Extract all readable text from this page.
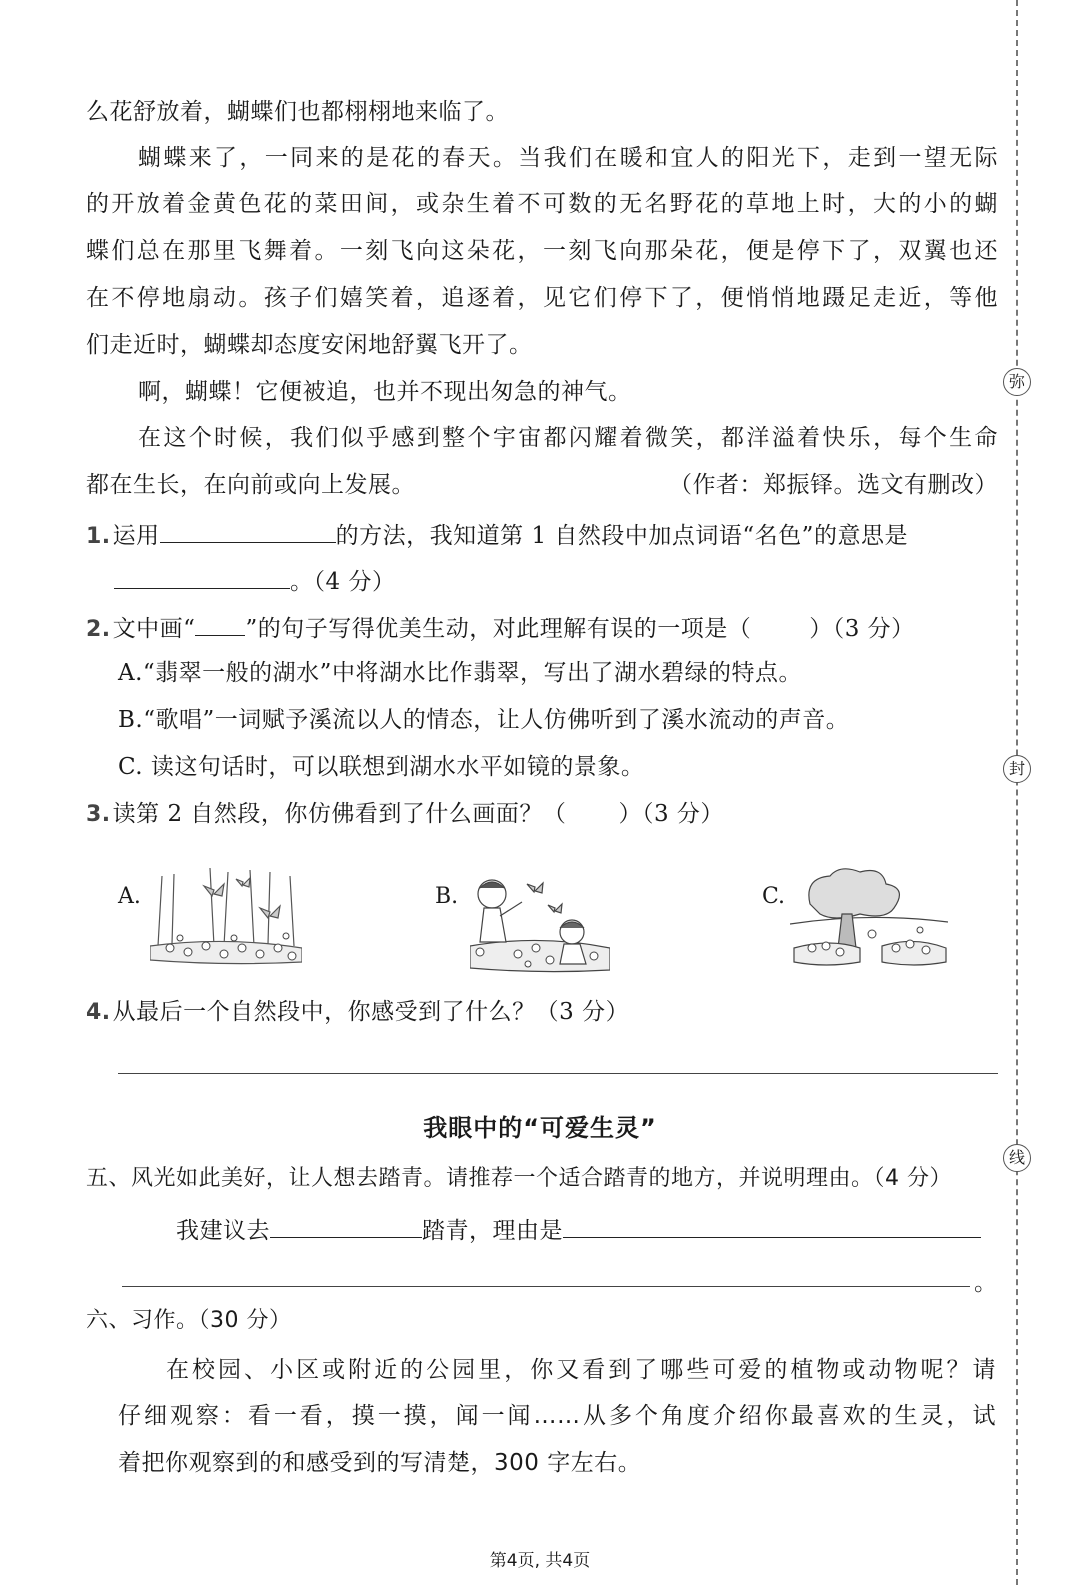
么花舒放着，蝴蝶们也都栩栩地来临了。
蝴蝶来了，一同来的是花的春天。当我们在暖和宜人的阳光下，走到一望无际
的开放着金黄色花的菜田间，或杂生着不可数的无名野花的草地上时，大的小的蝴
蝶们总在那里飞舞着。一刻飞向这朵花，一刻飞向那朵花，便是停下了，双翼也还
在不停地扇动。孩子们嬉笑着，追逐着，见它们停下了，便悄悄地蹑足走近，等他
们走近时，蝴蝶却态度安闲地舒翼飞开了。
啊，蝴蝶！它便被追，也并不现出匆急的神气。
在这个时候，我们似乎感到整个宇宙都闪耀着微笑，都洋溢着快乐，每个生命
都在生长，在向前或向上发展。	（作者：郑振铎。选文有删改）
1.运用	的方法，我知道第 1 自然段中加点词语“名色”的意思是
。（4 分）
2.文中画“ ”的句子写得优美生动，对此理解有误的一项是（	）（3 分）
A.“翡翠一般的湖水”中将湖水比作翡翠，写出了湖水碧绿的特点。
B.“歌唱”一词赋予溪流以人的情态，让人仿佛听到了溪水流动的声音。
C. 读这句话时，可以联想到湖水水平如镜的景象。
3.读第 2 自然段，你仿佛看到了什么画面？（ ）（3 分）
A.	B.	C.
4.从最后一个自然段中，你感受到了什么？（3 分）
我眼中的“可爱生灵”
五、风光如此美好，让人想去踏青。请推荐一个适合踏青的地方，并说明理由。（4 分）
我建议去	踏青，理由是
。
六、习作。（30 分）
在校园、小区或附近的公园里，你又看到了哪些可爱的植物或动物呢？请
仔细观察：看一看，摸一摸，闻一闻……从多个角度介绍你最喜欢的生灵，试
着把你观察到的和感受到的写清楚，300 字左右。
第4页, 共4页
弥
封
线
